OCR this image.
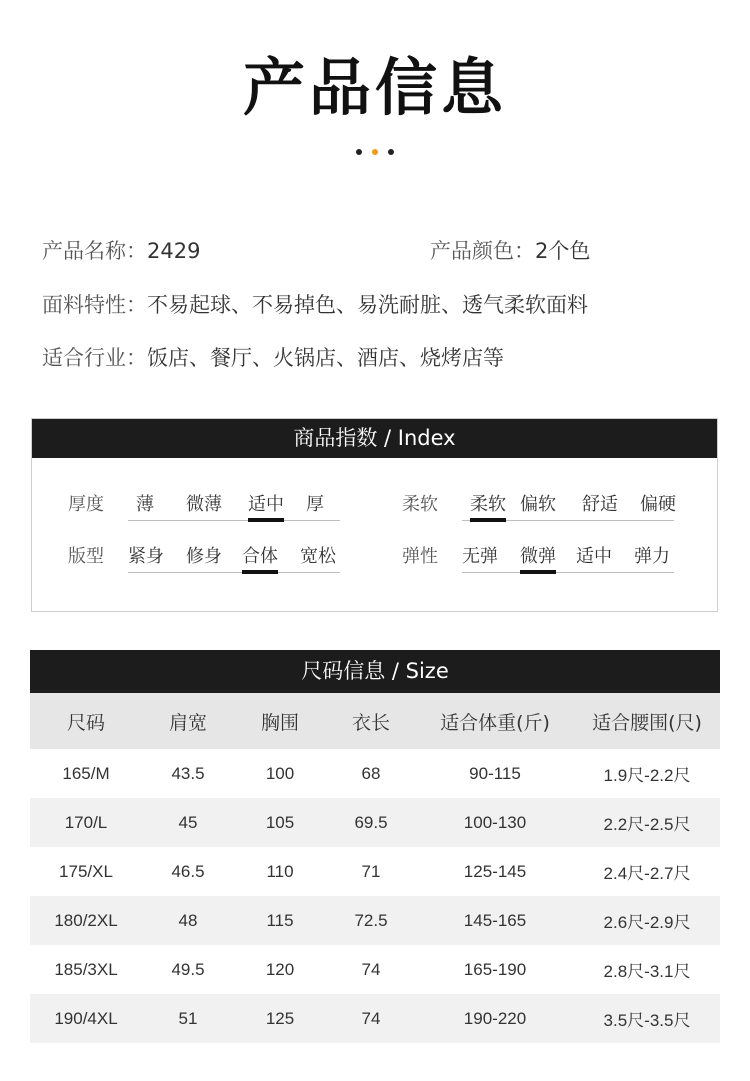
产品信息
产品名称：2429	产品颜色：2个色
面料特性：不易起球、不易掉色、易洗耐脏、透气柔软面料
适合行业：饭店、餐厅、火锅店、酒店、烧烤店等
商品指数 / Index
厚度 薄 微薄 适中 厚
版型 紧身 修身 合体 宽松
柔软 柔软 偏软 舒适 偏硬
弹性 无弹 微弹 适中 弹力
尺码信息 / Size
尺码	肩宽	胸围	衣长	适合体重(斤)	适合腰围(尺)
165/M	43.5	100	68	90-115	1.9尺-2.2尺
170/L	45	105	69.5	100-130	2.2尺-2.5尺
175/XL	46.5	110	71	125-145	2.4尺-2.7尺
180/2XL	48	115	72.5	145-165	2.6尺-2.9尺
185/3XL	49.5	120	74	165-190	2.8尺-3.1尺
190/4XL	51	125	74	190-220	3.5尺-3.5尺
